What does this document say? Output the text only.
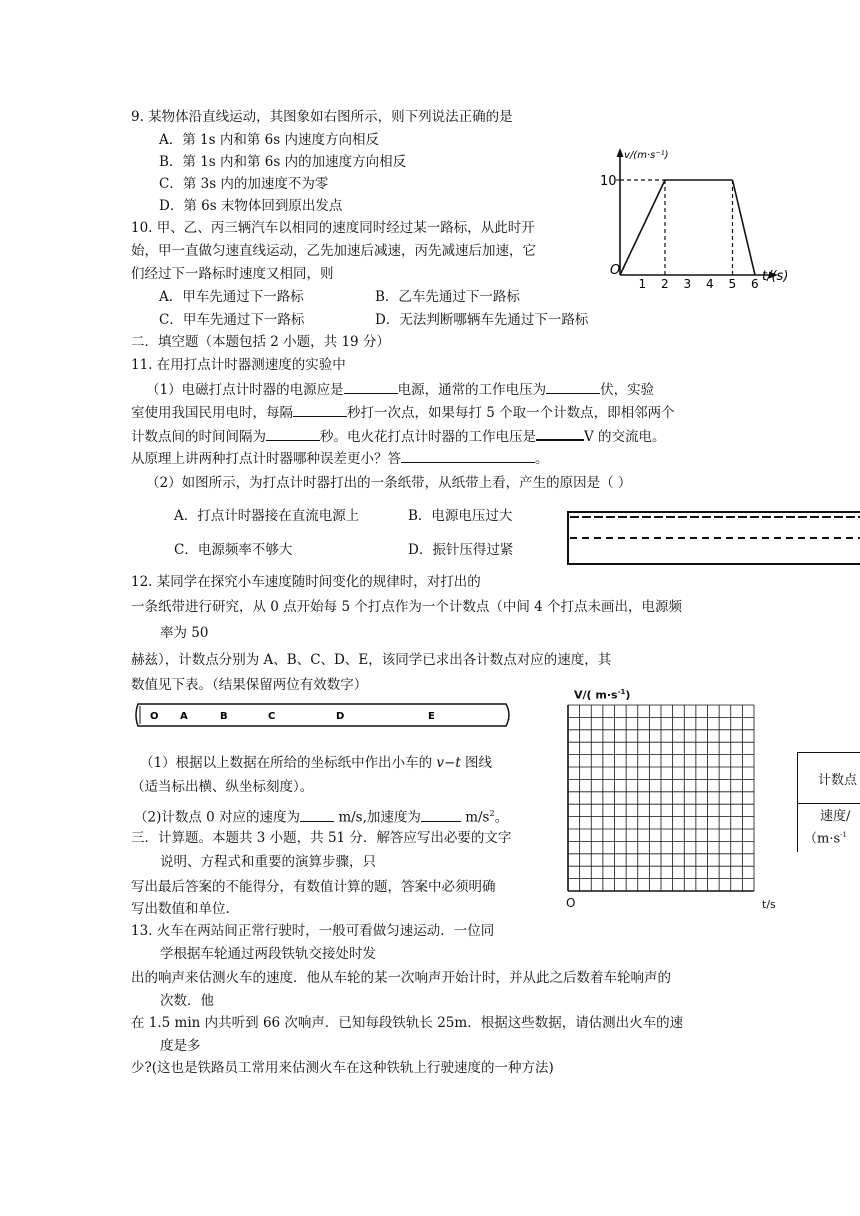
9. 某物体沿直线运动，其图象如右图所示，则下列说法正确的是
A．第 1s 内和第 6s 内速度方向相反
B．第 1s 内和第 6s 内的加速度方向相反
C．第 3s 内的加速度不为零
D．第 6s 末物体回到原出发点
v/(m·s⁻¹)
10
O	t/(s)
1 2 3 4 5 6
10. 甲、乙、丙三辆汽车以相同的速度同时经过某一路标，从此时开
始，甲一直做匀速直线运动，乙先加速后减速，丙先减速后加速，它
们经过下一路标时速度又相同，则
A．甲车先通过下一路标	B．乙车先通过下一路标
C．甲车先通过下一路标	D．无法判断哪辆车先通过下一路标
二．填空题（本题包括 2 小题，共 19 分）
11. 在用打点计时器测速度的实验中
（1）电磁打点计时器的电源应是	电源，通常的工作电压为	伏，实验
室使用我国民用电时，每隔	秒打一次点，如果每打 5 个取一个计数点，即相邻两个
计数点间的时间间隔为	秒。电火花打点计时器的工作电压是	V 的交流电。
从原理上讲两种打点计时器哪种误差更小？答	。
（2）如图所示，为打点计时器打出的一条纸带，从纸带上看，产生的原因是（ ）
A．打点计时器接在直流电源上	B．电源电压过大
C．电源频率不够大	D．振针压得过紧
12. 某同学在探究小车速度随时间变化的规律时，对打出的
一条纸带进行研究，从 0 点开始每 5 个打点作为一个计数点（中间 4 个打点未画出，电源频
率为 50
赫兹），计数点分别为 A、B、C、D、E，该同学已求出各计数点对应的速度，其
数值见下表。（结果保留两位有效数字）
O A	B	C	D	E
（1）根据以上数据在所给的坐标纸中作出小车的 v−t 图线
（适当标出横、纵坐标刻度）。
（2)计数点 0 对应的速度为	m/s,加速度为	$m/s^2$。
V/( $m\cdot s^{-1}$)
O	t/s
计数点

速度/
（$m\cdot s^{-1}$
三．计算题。本题共 3 小题，共 51 分．解答应写出必要的文字
说明、方程式和重要的演算步骤，只
写出最后答案的不能得分，有数值计算的题，答案中必须明确
写出数值和单位.
13. 火车在两站间正常行驶时，一般可看做匀速运动．一位同
学根据车轮通过两段铁轨交接处时发
出的响声来估测火车的速度．他从车轮的某一次响声开始计时，并从此之后数着车轮响声的
次数．他
在 1.5 min 内共听到 66 次响声．已知每段铁轨长 25m．根据这些数据，请估测出火车的速
度是多
少?(这也是铁路员工常用来估测火车在这种铁轨上行驶速度的一种方法)
